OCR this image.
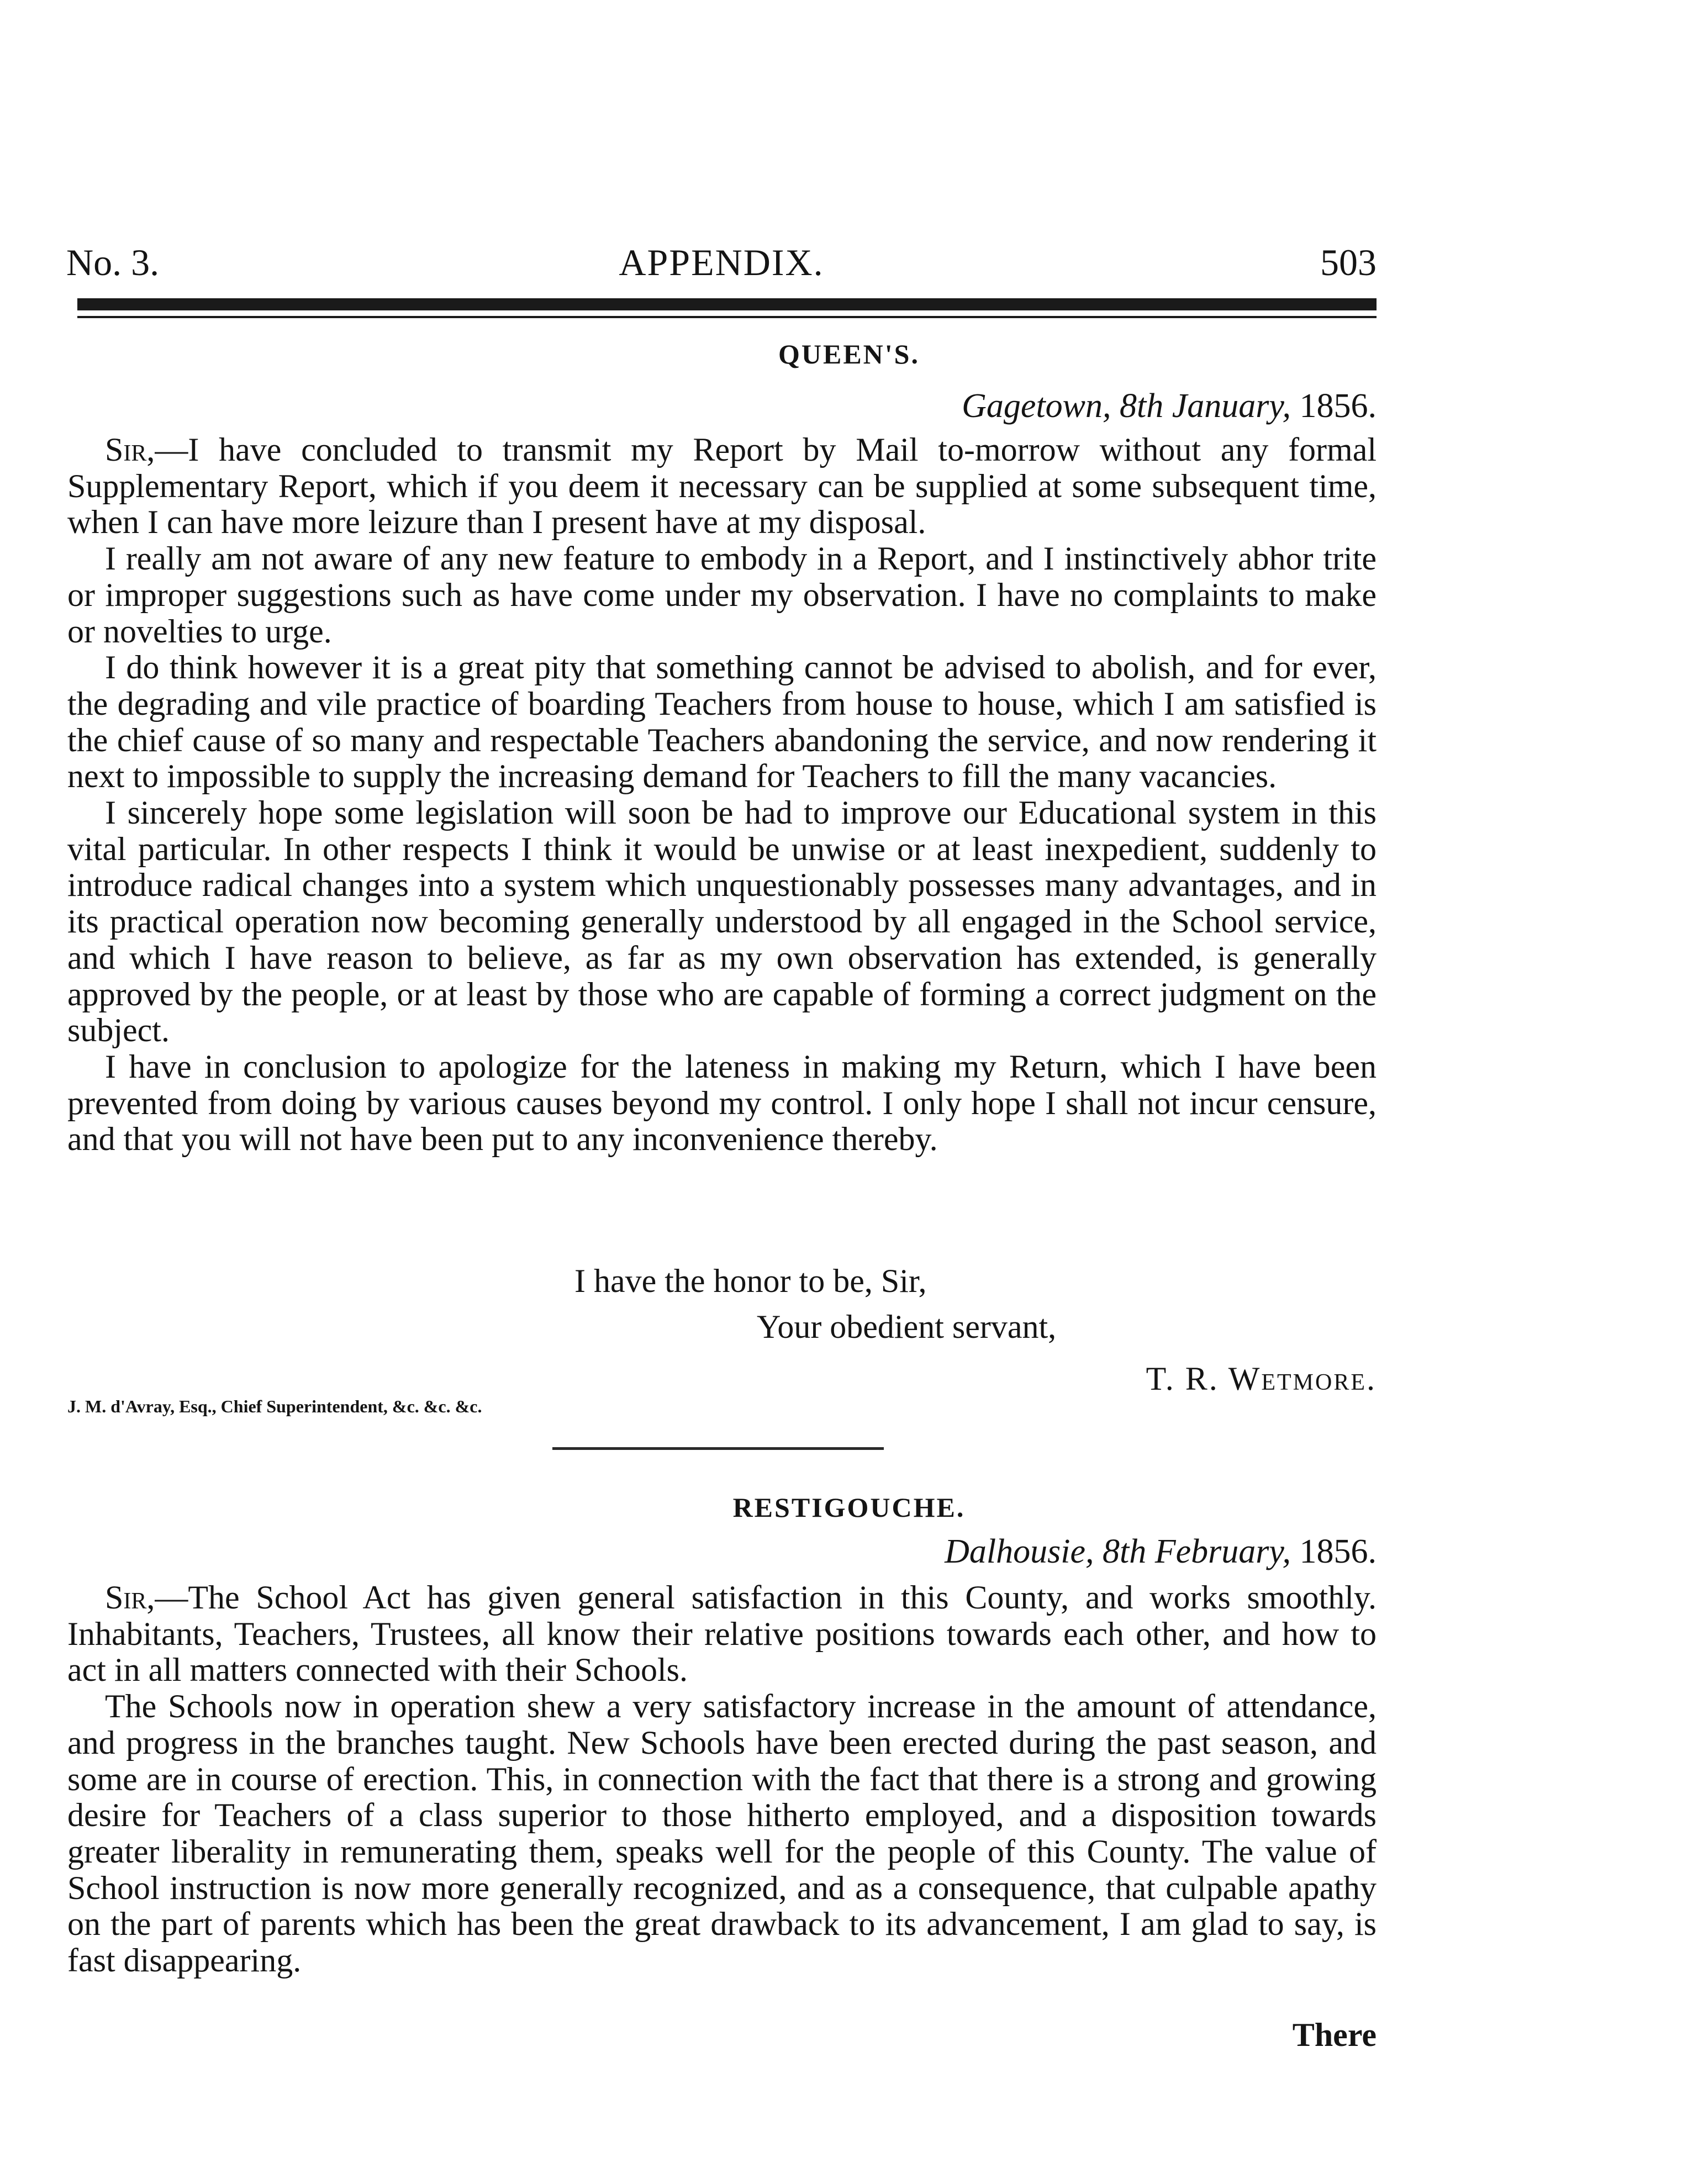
No. 3.	APPENDIX.	503
QUEEN'S.
Gagetown, 8th January, 1856.

Sir,—I have concluded to transmit my Report by Mail to-morrow without any formal Supplementary Report, which if you deem it necessary can be supplied at some subsequent time, when I can have more leizure than I present have at my disposal.

I really am not aware of any new feature to embody in a Report, and I instinctively abhor trite or improper suggestions such as have come under my observation. I have no complaints to make or novelties to urge.

I do think however it is a great pity that something cannot be advised to abolish, and for ever, the degrading and vile practice of boarding Teachers from house to house, which I am satisfied is the chief cause of so many and respectable Teachers abandoning the service, and now rendering it next to impossible to supply the increasing demand for Teachers to fill the many vacancies.

I sincerely hope some legislation will soon be had to improve our Educational system in this vital particular. In other respects I think it would be unwise or at least inexpedient, suddenly to introduce radical changes into a system which unquestionably possesses many advantages, and in its practical operation now becoming generally understood by all engaged in the School service, and which I have reason to believe, as far as my own observation has extended, is generally approved by the people, or at least by those who are capable of forming a correct judgment on the subject.

I have in conclusion to apologize for the lateness in making my Return, which I have been prevented from doing by various causes beyond my control. I only hope I shall not incur censure, and that you will not have been put to any inconvenience thereby.

I have the honor to be, Sir,
Your obedient servant,
T. R. Wetmore.
J. M. d'Avray, Esq., Chief Superintendent, &c. &c. &c.
RESTIGOUCHE.
Dalhousie, 8th February, 1856.

Sir,—The School Act has given general satisfaction in this County, and works smoothly. Inhabitants, Teachers, Trustees, all know their relative positions towards each other, and how to act in all matters connected with their Schools.

The Schools now in operation shew a very satisfactory increase in the amount of attendance, and progress in the branches taught. New Schools have been erected during the past season, and some are in course of erection. This, in connection with the fact that there is a strong and growing desire for Teachers of a class superior to those hitherto employed, and a disposition towards greater liberality in remunerating them, speaks well for the people of this County. The value of School instruction is now more generally recognized, and as a consequence, that culpable apathy on the part of parents which has been the great drawback to its advancement, I am glad to say, is fast disappearing.

There
